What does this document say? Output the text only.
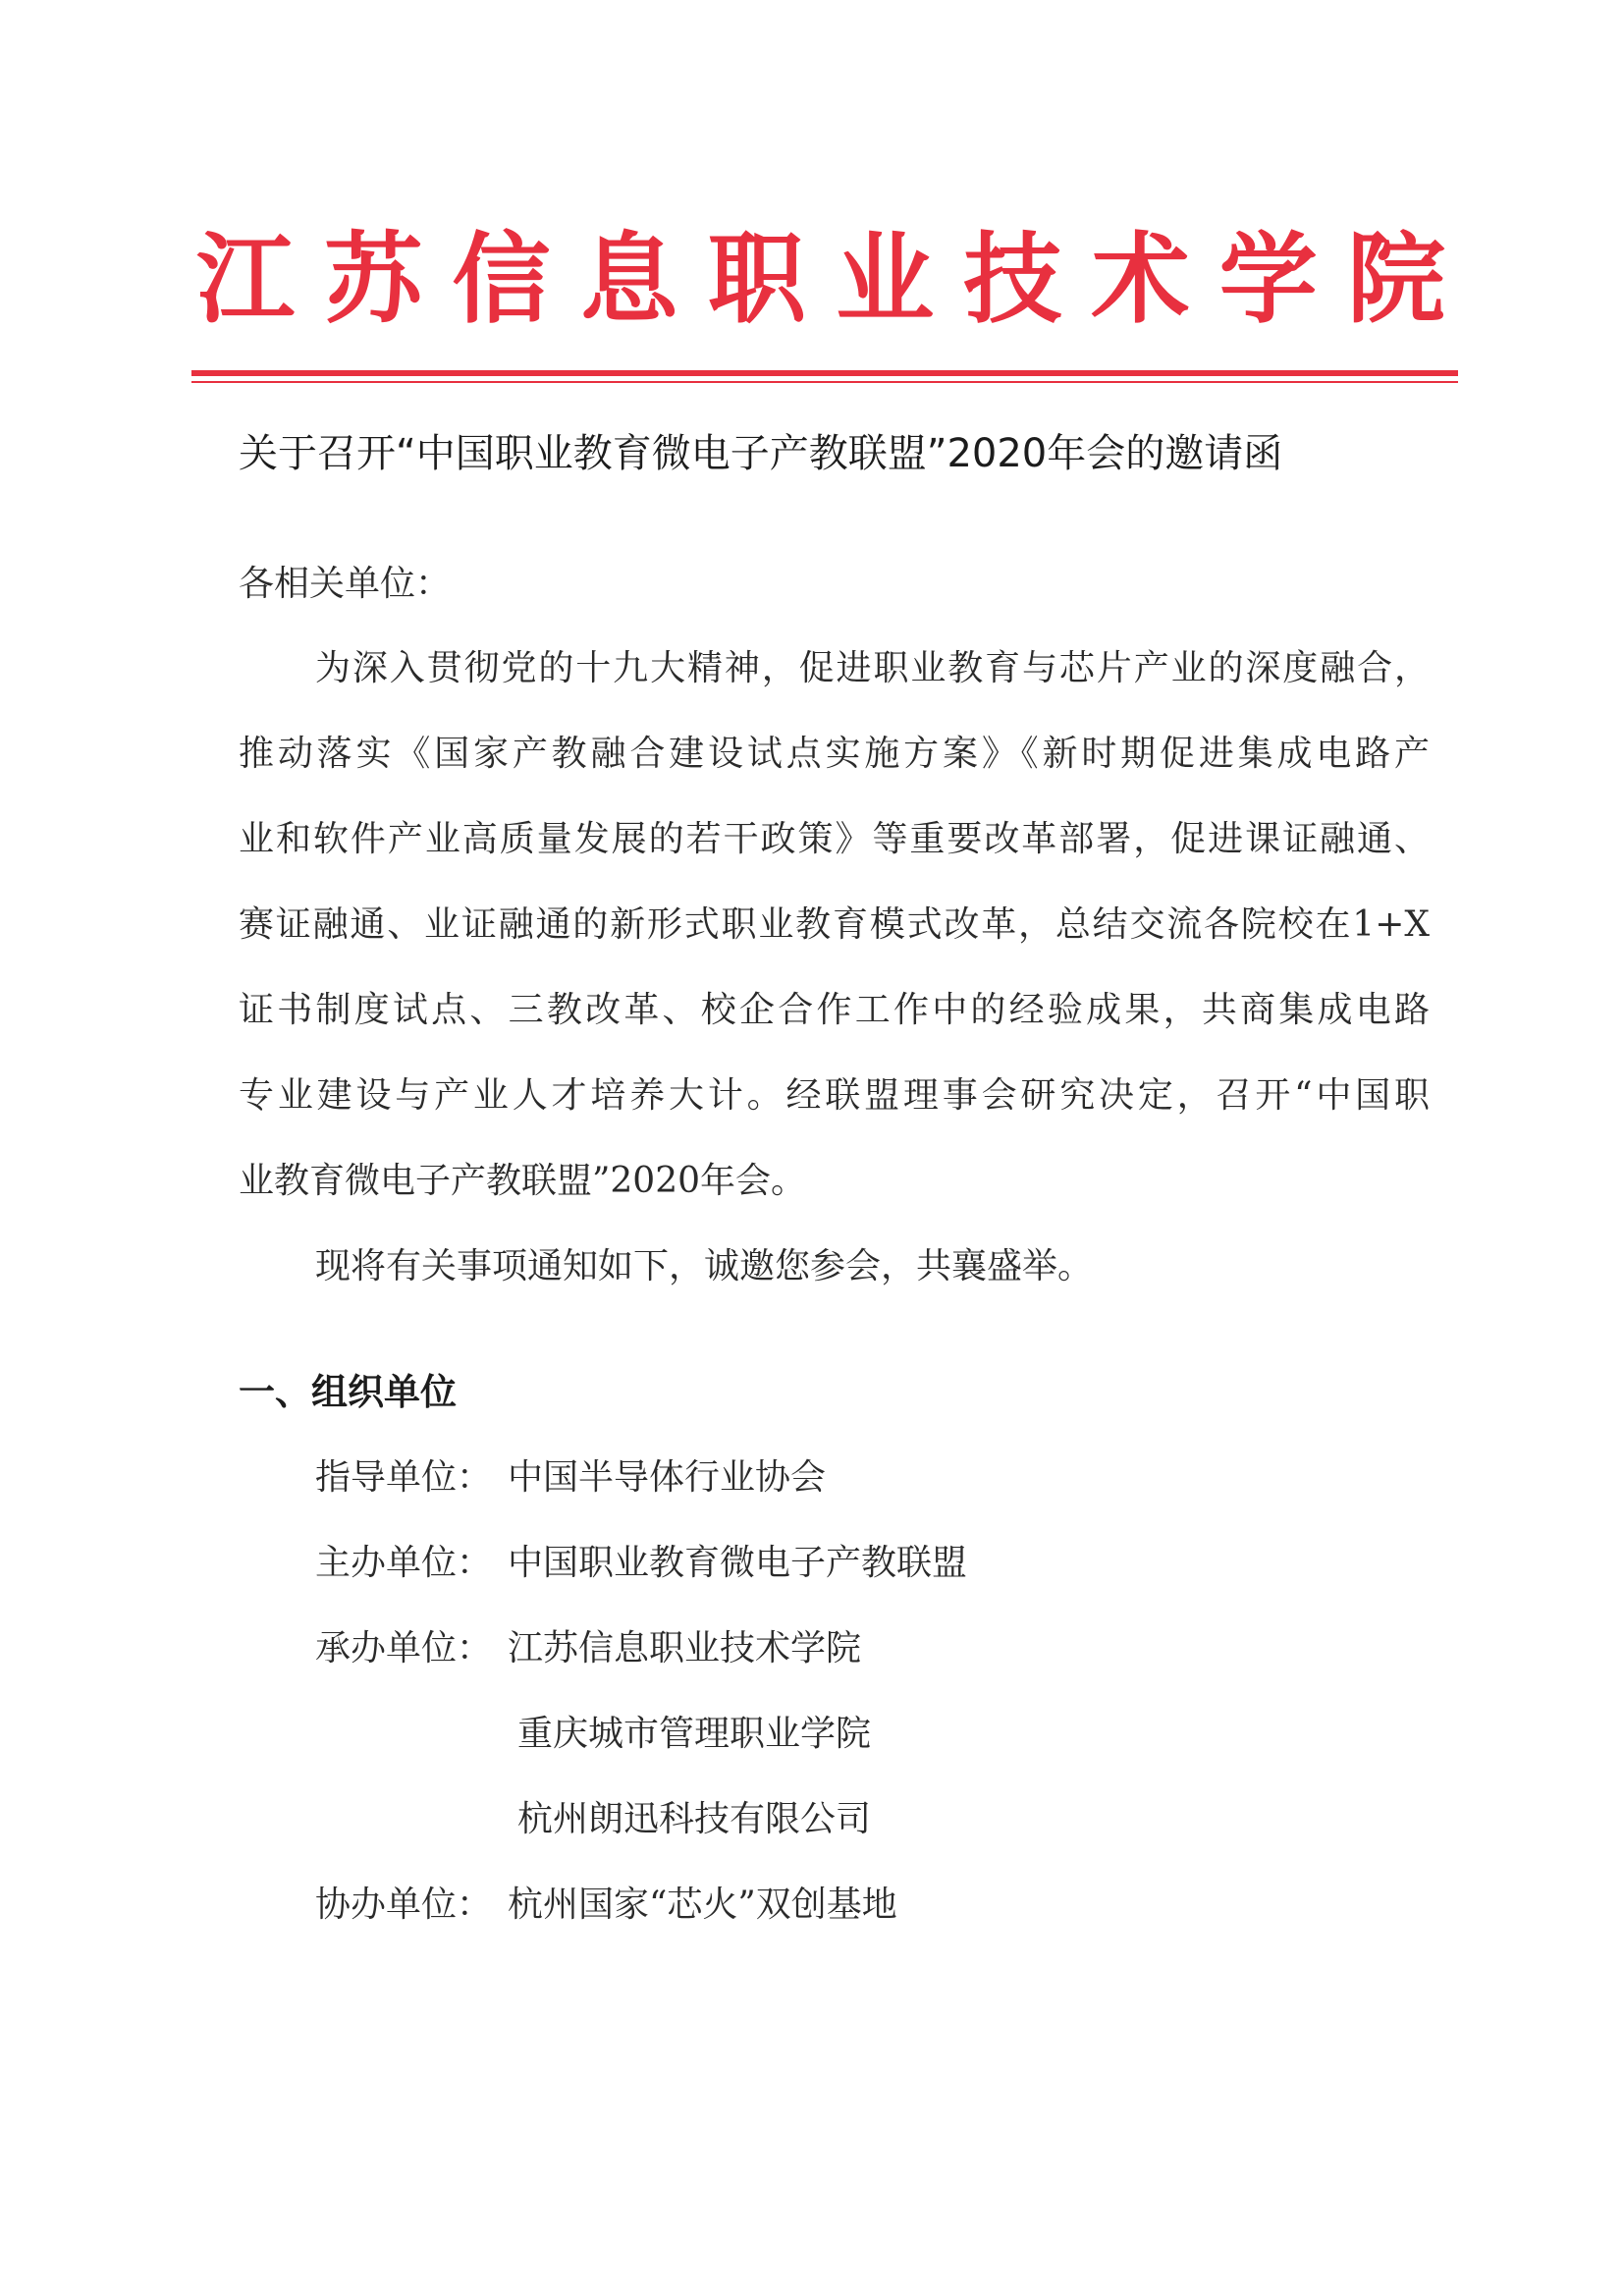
江 苏 信 息 职 业 技 术 学 院
关于召开“中国职业教育微电子产教联盟”2020年会的邀请函

各相关单位：

为深入贯彻党的十九大精神，促进职业教育与芯片产业的深度融合，

推动落实《国家产教融合建设试点实施方案》《新时期促进集成电路产

业和软件产业高质量发展的若干政策》等重要改革部署，促进课证融通、

赛证融通、业证融通的新形式职业教育模式改革，总结交流各院校在1+X

证书制度试点、三教改革、校企合作工作中的经验成果，共商集成电路

专业建设与产业人才培养大计。经联盟理事会研究决定，召开“中国职

业教育微电子产教联盟”2020年会。

现将有关事项通知如下，诚邀您参会，共襄盛举。

一、组织单位
指导单位： 中国半导体行业协会
主办单位： 中国职业教育微电子产教联盟
承办单位： 江苏信息职业技术学院
重庆城市管理职业学院
杭州朗迅科技有限公司
协办单位： 杭州国家“芯火”双创基地
